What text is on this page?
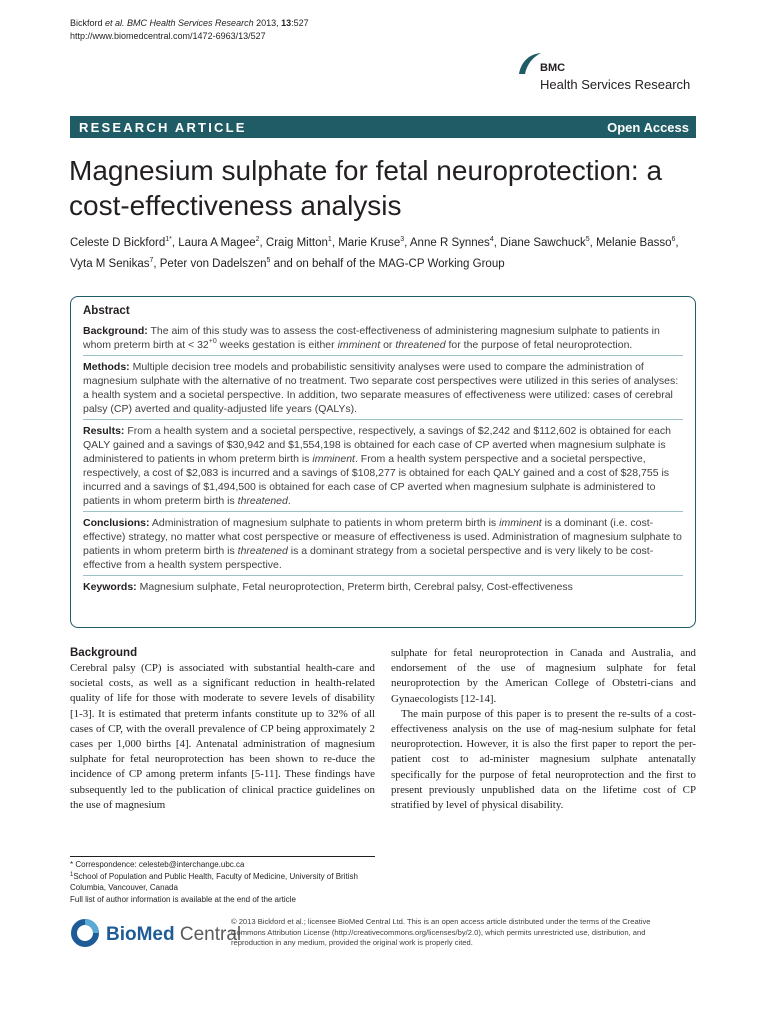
Bickford et al. BMC Health Services Research 2013, 13:527
http://www.biomedcentral.com/1472-6963/13/527
BMC
Health Services Research
RESEARCH ARTICLE	Open Access
Magnesium sulphate for fetal neuroprotection: a cost-effectiveness analysis
Celeste D Bickford$^{1*}$, Laura A Magee$^2$, Craig Mitton$^1$, Marie Kruse$^3$, Anne R Synnes$^4$, Diane Sawchuck$^5$, Melanie Basso$^6$, Vyta M Senikas$^7$, Peter von Dadelszen$^5$ and on behalf of the MAG-CP Working Group
Abstract

Background: The aim of this study was to assess the cost-effectiveness of administering magnesium sulphate to patients in whom preterm birth at < $32^{+0}$ weeks gestation is either imminent or threatened for the purpose of fetal neuroprotection.

Methods: Multiple decision tree models and probabilistic sensitivity analyses were used to compare the administration of magnesium sulphate with the alternative of no treatment. Two separate cost perspectives were utilized in this series of analyses: a health system and a societal perspective. In addition, two separate measures of effectiveness were utilized: cases of cerebral palsy (CP) averted and quality-adjusted life years (QALYs).

Results: From a health system and a societal perspective, respectively, a savings of $2,242 and $112,602 is obtained for each QALY gained and a savings of $30,942 and $1,554,198 is obtained for each case of CP averted when magnesium sulphate is administered to patients in whom preterm birth is imminent. From a health system perspective and a societal perspective, respectively, a cost of $2,083 is incurred and a savings of $108,277 is obtained for each QALY gained and a cost of $28,755 is incurred and a savings of $1,494,500 is obtained for each case of CP averted when magnesium sulphate is administered to patients in whom preterm birth is threatened.

Conclusions: Administration of magnesium sulphate to patients in whom preterm birth is imminent is a dominant (i.e. cost-effective) strategy, no matter what cost perspective or measure of effectiveness is used. Administration of magnesium sulphate to patients in whom preterm birth is threatened is a dominant strategy from a societal perspective and is very likely to be cost-effective from a health system perspective.

Keywords: Magnesium sulphate, Fetal neuroprotection, Preterm birth, Cerebral palsy, Cost-effectiveness

Background

Cerebral palsy (CP) is associated with substantial health-care and societal costs, as well as a significant reduction in health-related quality of life for those with moderate to severe levels of disability [1-3]. It is estimated that preterm infants constitute up to 32% of all cases of CP, with the overall prevalence of CP being approximately 2 cases per 1,000 births [4]. Antenatal administration of magnesium sulphate for fetal neuroprotection has been shown to re-duce the incidence of CP among preterm infants [5-11]. These findings have subsequently led to the publication of clinical practice guidelines on the use of magnesium

sulphate for fetal neuroprotection in Canada and Australia, and endorsement of the use of magnesium sulphate for fetal neuroprotection by the American College of Obstetri-cians and Gynaecologists [12-14].

The main purpose of this paper is to present the re-sults of a cost-effectiveness analysis on the use of mag-nesium sulphate for fetal neuroprotection. However, it is also the first paper to report the per-patient cost to ad-minister magnesium sulphate antenatally specifically for the purpose of fetal neuroprotection and the first to present previously unpublished data on the lifetime cost of CP stratified by level of physical disability.

* Correspondence: celesteb@interchange.ubc.ca
$^1$School of Population and Public Health, Faculty of Medicine, University of British Columbia, Vancouver, Canada
Full list of author information is available at the end of the article
BioMed Central
© 2013 Bickford et al.; licensee BioMed Central Ltd. This is an open access article distributed under the terms of the Creative Commons Attribution License (http://creativecommons.org/licenses/by/2.0), which permits unrestricted use, distribution, and reproduction in any medium, provided the original work is properly cited.
